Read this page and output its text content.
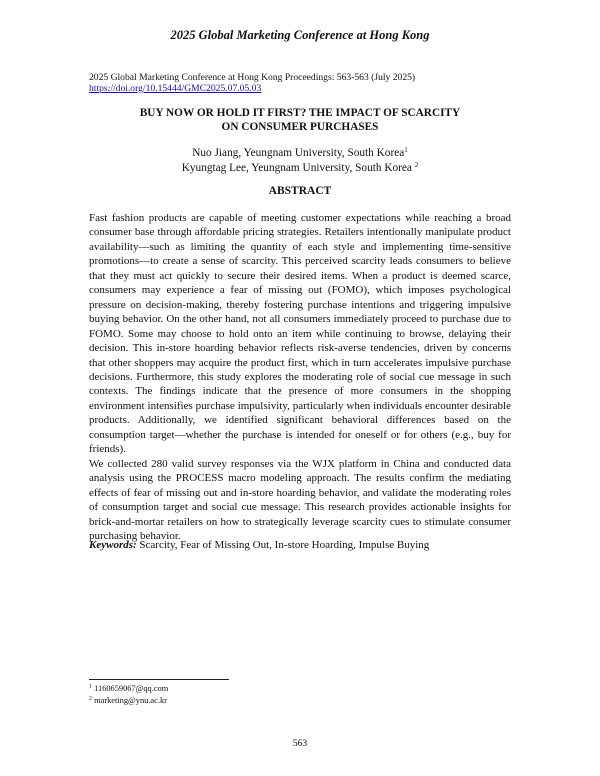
2025 Global Marketing Conference at Hong Kong
2025 Global Marketing Conference at Hong Kong Proceedings: 563-563 (July 2025)
https://doi.org/10.15444/GMC2025.07.05.03
BUY NOW OR HOLD IT FIRST? THE IMPACT OF SCARCITY
ON CONSUMER PURCHASES
Nuo Jiang, Yeungnam University, South Korea$^1$
Kyungtag Lee, Yeungnam University, South Korea $^2$
ABSTRACT

Fast fashion products are capable of meeting customer expectations while reaching a broad consumer base through affordable pricing strategies. Retailers intentionally manipulate product availability—such as limiting the quantity of each style and implementing time-sensitive promotions—to create a sense of scarcity. This perceived scarcity leads consumers to believe that they must act quickly to secure their desired items. When a product is deemed scarce, consumers may experience a fear of missing out (FOMO), which imposes psychological pressure on decision-making, thereby fostering purchase intentions and triggering impulsive buying behavior. On the other hand, not all consumers immediately proceed to purchase due to FOMO. Some may choose to hold onto an item while continuing to browse, delaying their decision. This in-store hoarding behavior reflects risk-averse tendencies, driven by concerns that other shoppers may acquire the product first, which in turn accelerates impulsive purchase decisions. Furthermore, this study explores the moderating role of social cue message in such contexts. The findings indicate that the presence of more consumers in the shopping environment intensifies purchase impulsivity, particularly when individuals encounter desirable products. Additionally, we identified significant behavioral differences based on the consumption target—whether the purchase is intended for oneself or for others (e.g., buy for friends).

We collected 280 valid survey responses via the WJX platform in China and conducted data analysis using the PROCESS macro modeling approach. The results confirm the mediating effects of fear of missing out and in-store hoarding behavior, and validate the moderating roles of consumption target and social cue message. This research provides actionable insights for brick-and-mortar retailers on how to strategically leverage scarcity cues to stimulate consumer purchasing behavior.

Keywords: Scarcity, Fear of Missing Out, In-store Hoarding, Impulse Buying
$^1$ 1160659067@qq.com
$^2$ marketing@ynu.ac.kr
563
